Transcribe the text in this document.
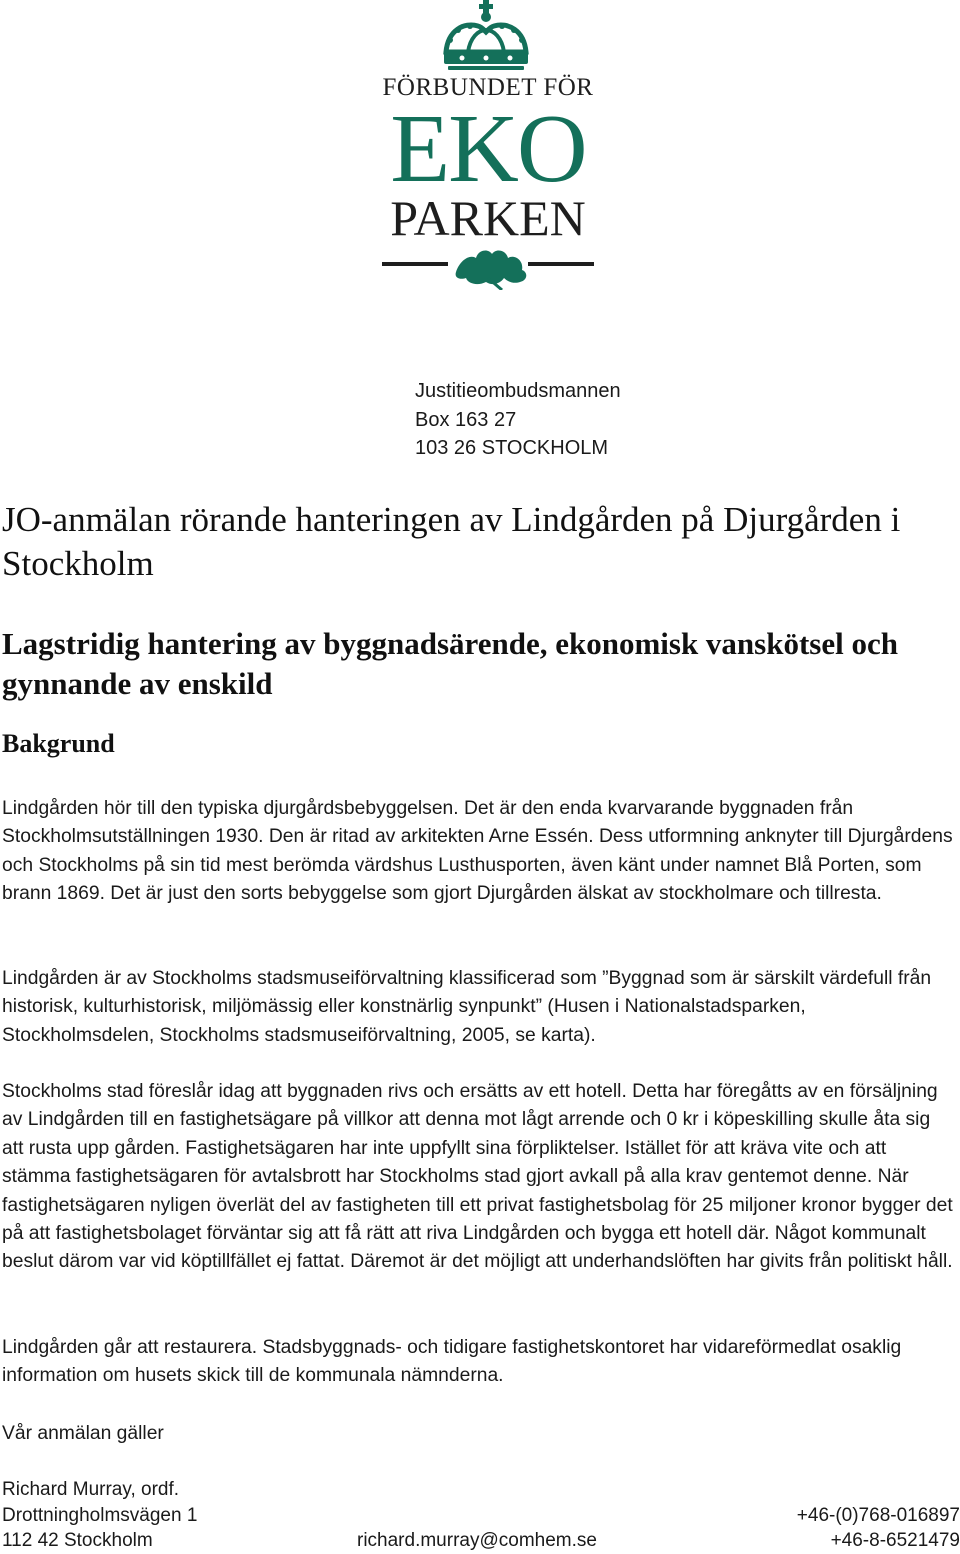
FÖRBUNDET FÖR
EKO
PARKEN
Justitieombudsmannen
Box 163 27
103 26 STOCKHOLM
JO-anmälan rörande hanteringen av Lindgården på Djurgården i Stockholm
Lagstridig hantering av byggnadsärende, ekonomisk vanskötsel och gynnande av enskild
Bakgrund

Lindgården hör till den typiska djurgårdsbebyggelsen. Det är den enda kvarvarande byggnaden från Stockholmsutställningen 1930. Den är ritad av arkitekten Arne Essén. Dess utformning anknyter till Djurgårdens och Stockholms på sin tid mest berömda värdshus Lusthusporten, även känt under namnet Blå Porten, som brann 1869. Det är just den sorts bebyggelse som gjort Djurgården älskat av stockholmare och tillresta.

Lindgården är av Stockholms stadsmuseiförvaltning klassificerad som ”Byggnad som är särskilt värdefull från historisk, kulturhistorisk, miljömässig eller konstnärlig synpunkt” (Husen i Nationalstadsparken, Stockholmsdelen, Stockholms stadsmuseiförvaltning, 2005, se karta).

Stockholms stad föreslår idag att byggnaden rivs och ersätts av ett hotell. Detta har föregåtts av en försäljning av Lindgården till en fastighetsägare på villkor att denna mot lågt arrende och 0 kr i köpeskilling skulle åta sig att rusta upp gården. Fastighetsägaren har inte uppfyllt sina förpliktelser. Istället för att kräva vite och att stämma fastighetsägaren för avtalsbrott har Stockholms stad gjort avkall på alla krav gentemot denne. När fastighetsägaren nyligen överlät del av fastigheten till ett privat fastighetsbolag för 25 miljoner kronor bygger det på att fastighetsbolaget förväntar sig att få rätt att riva Lindgården och bygga ett hotell där. Något kommunalt beslut därom var vid köptillfället ej fattat. Däremot är det möjligt att underhandslöften har givits från politiskt håll.

Lindgården går att restaurera. Stadsbyggnads- och tidigare fastighetskontoret har vidareförmedlat osaklig information om husets skick till de kommunala nämnderna.

Vår anmälan gäller

Richard Murray, ordf.
Drottningholmsvägen 1	+46-(0)768-016897
112 42 Stockholm	richard.murray@comhem.se	+46-8-6521479
